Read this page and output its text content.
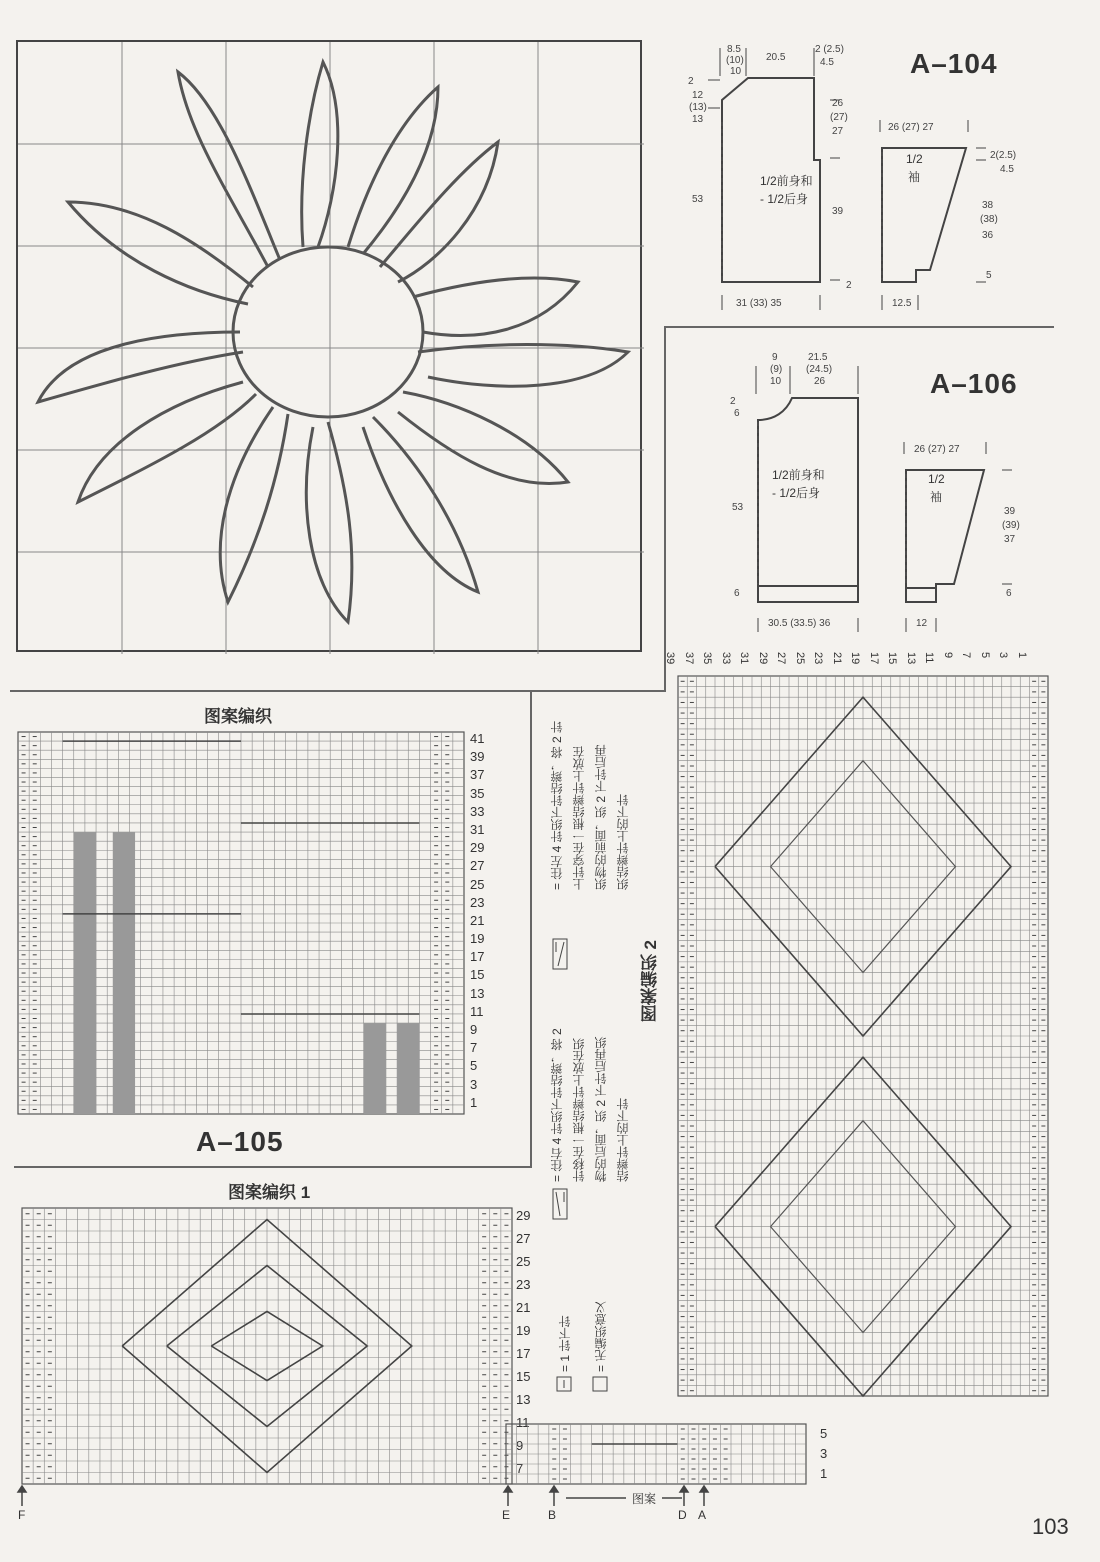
A–104
8.5
(10)
10
20.5
2 (2.5)
4.5
2
12
(13)
13
53
26
(27)
27
39
2
31 (33) 35
1/2前身和
- 1/2后身
26 (27) 27
1/2
袖
2(2.5)
4.5
38
(38)
36
5
12.5
A–106
9
(9)
10
21.5
(24.5)
26
2
6
53
6
30.5 (33.5) 36
1/2前身和
- 1/2后身
26 (27) 27
1/2
袖
39
(39)
37
6
12
图案编织
41
39
37
35
33
31
29
27
25
23
21
19
17
15
13
11
9
7
5
3
1
A–105
图案编织 1
29
27
25
23
21
19
17
15
13
11
9
7
5
3
1
F	E	B
图案
D A
= 往右 4 针织下针结辫，将 2 针移在一根结辫针上放在织 物的后面，织 2 下针后再织 结辫针上的下针
= 往左 4 针织下针结辫，将 2 针 上针穿在一根结辫针上放在 织物的前面，织 2 下针后再 织结辫针上的下针
= 1 针下针	= 无编织意义
图案编织 2
39 37 35 33 31 29 27 25 23 21 19 17 15 13 11 9 7 5 3 1
103
